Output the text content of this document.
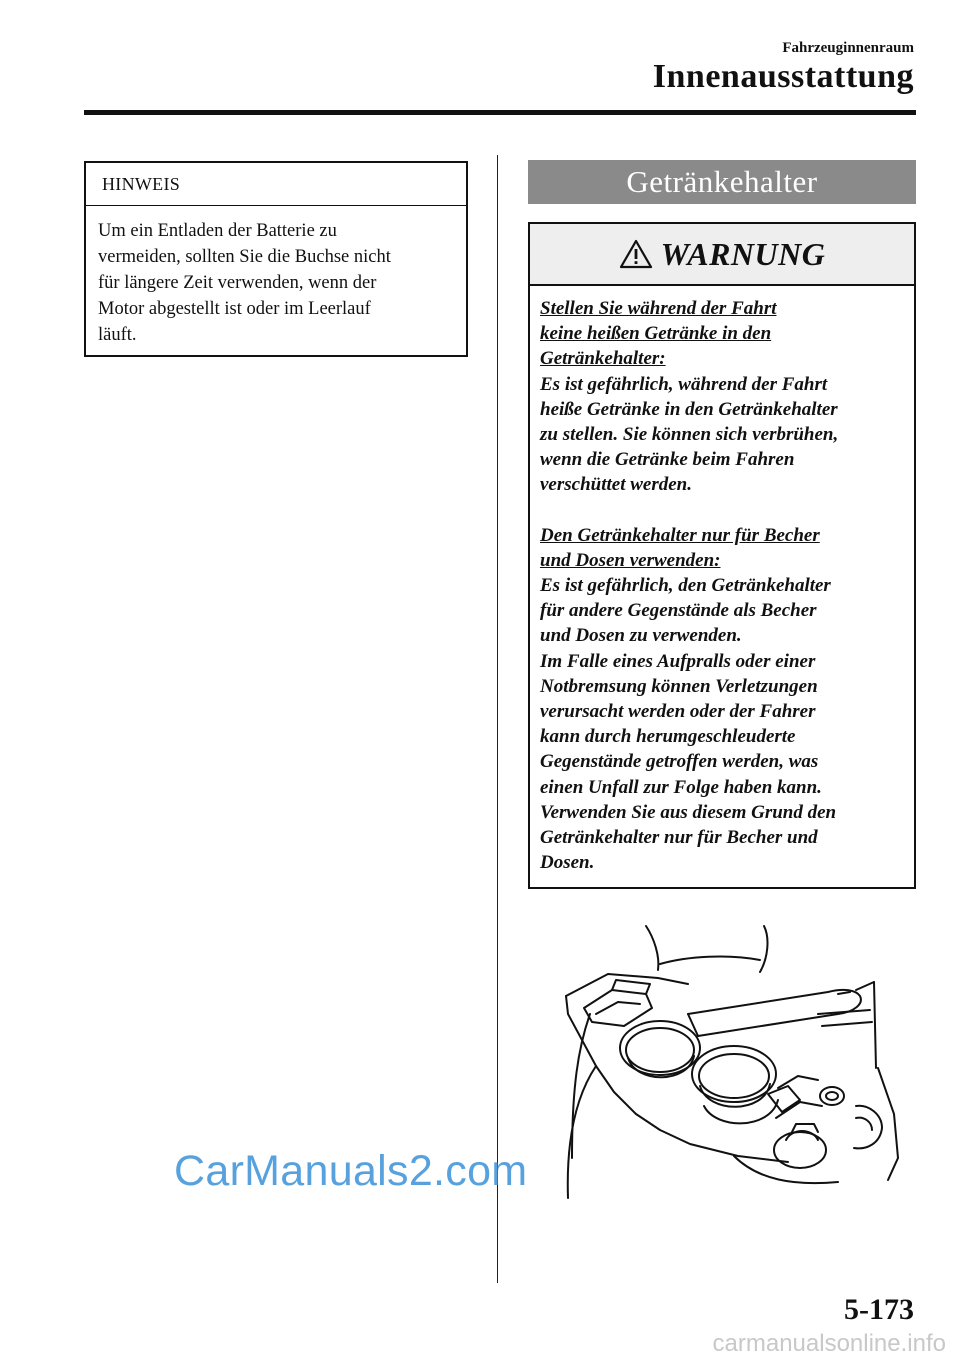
Fahrzeuginnenraum
Innenausstattung
HINWEIS
Um ein Entladen der Batterie zu
vermeiden, sollten Sie die Buchse nicht
für längere Zeit verwenden, wenn der
Motor abgestellt ist oder im Leerlauf
läuft.
Getränkehalter
WARNUNG

Stellen Sie während der Fahrt
keine heißen Getränke in den
Getränkehalter:

Es ist gefährlich, während der Fahrt
heiße Getränke in den Getränkehalter
zu stellen. Sie können sich verbrühen,
wenn die Getränke beim Fahren
verschüttet werden.

Den Getränkehalter nur für Becher
und Dosen verwenden:

Es ist gefährlich, den Getränkehalter
für andere Gegenstände als Becher
und Dosen zu verwenden.
Im Falle eines Aufpralls oder einer
Notbremsung können Verletzungen
verursacht werden oder der Fahrer
kann durch herumgeschleuderte
Gegenstände getroffen werden, was
einen Unfall zur Folge haben kann.
Verwenden Sie aus diesem Grund den
Getränkehalter nur für Becher und
Dosen.

CarManuals2.com
5-173
carmanualsonline.info
